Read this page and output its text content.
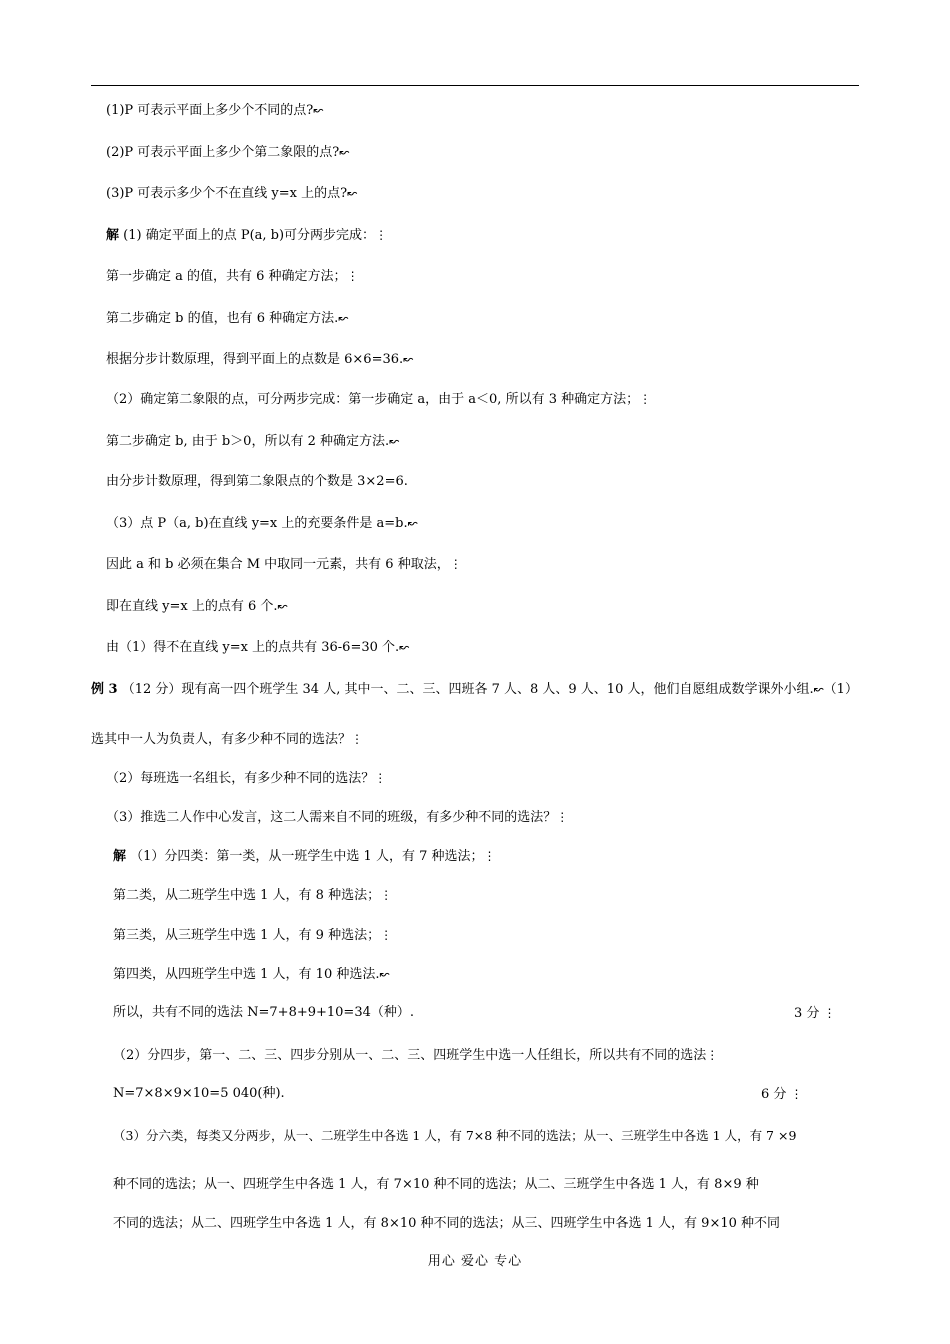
(1)P 可表示平面上多少个不同的点?↜
(2)P 可表示平面上多少个第二象限的点?↜
(3)P 可表示多少个不在直线 y=x 上的点?↜
解 (1) 确定平面上的点 P(a, b)可分两步完成：⋮
第一步确定 a 的值，共有 6 种确定方法；⋮
第二步确定 b 的值，也有 6 种确定方法.↜
根据分步计数原理，得到平面上的点数是 6×6=36.↜
（2）确定第二象限的点，可分两步完成：第一步确定 a，由于 a＜0, 所以有 3 种确定方法；⋮
第二步确定 b, 由于 b＞0，所以有 2 种确定方法.↜
由分步计数原理，得到第二象限点的个数是 3×2=6.
（3）点 P（a, b)在直线 y=x 上的充要条件是 a=b.↜
因此 a 和 b 必须在集合 M 中取同一元素，共有 6 种取法，⋮
即在直线 y=x 上的点有 6 个.↜
由（1）得不在直线 y=x 上的点共有 36-6=30 个.↜
例 3 （12 分）现有高一四个班学生 34 人, 其中一、二、三、四班各 7 人、8 人、9 人、10 人，他们自愿组成数学课外小组.↜（1）
选其中一人为负责人，有多少种不同的选法？⋮
（2）每班选一名组长，有多少种不同的选法？⋮
（3）推选二人作中心发言，这二人需来自不同的班级，有多少种不同的选法？⋮
解 （1）分四类：第一类，从一班学生中选 1 人，有 7 种选法；⋮
第二类，从二班学生中选 1 人，有 8 种选法；⋮
第三类，从三班学生中选 1 人，有 9 种选法；⋮
第四类，从四班学生中选 1 人，有 10 种选法.↜
所以，共有不同的选法 N=7+8+9+10=34（种）.	3 分 ⋮
（2）分四步，第一、二、三、四步分别从一、二、三、四班学生中选一人任组长，所以共有不同的选法⋮
N=7×8×9×10=5 040(种).	6 分 ⋮
（3）分六类，每类又分两步，从一、二班学生中各选 1 人，有 7×8 种不同的选法；从一、三班学生中各选 1 人，有 7 ×9
种不同的选法；从一、四班学生中各选 1 人，有 7×10 种不同的选法；从二、三班学生中各选 1 人，有 8×9 种
不同的选法；从二、四班学生中各选 1 人，有 8×10 种不同的选法；从三、四班学生中各选 1 人，有 9×10 种不同
用心 爱心 专心
